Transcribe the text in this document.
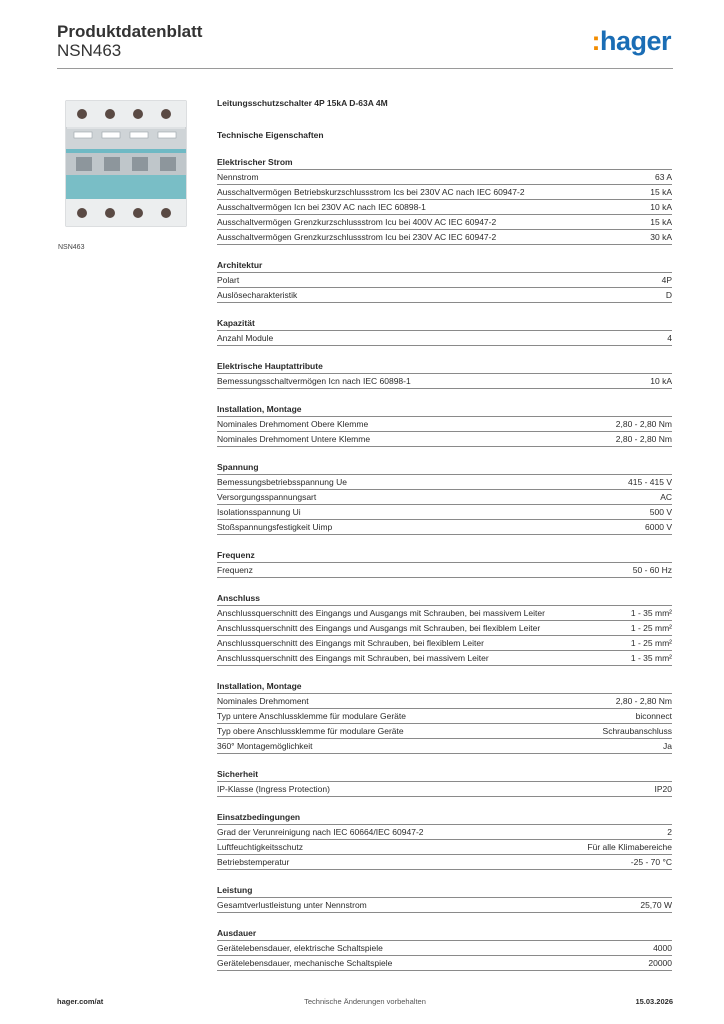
Produktdatenblatt
NSN463	:hager
NSN463
Leitungsschutzschalter 4P 15kA D-63A 4M
Technische Eigenschaften
Elektrischer Strom
Nennstrom	63 A
Ausschaltvermögen Betriebskurzschlussstrom Ics bei 230V AC nach IEC 60947-2	15 kA
Ausschaltvermögen Icn bei 230V AC nach IEC 60898-1	10 kA
Ausschaltvermögen Grenzkurzschlussstrom Icu bei 400V AC IEC 60947-2	15 kA
Ausschaltvermögen Grenzkurzschlussstrom Icu bei 230V AC IEC 60947-2	30 kA
Architektur
Polart	4P
Auslösecharakteristik	D
Kapazität
Anzahl Module	4
Elektrische Hauptattribute
Bemessungsschaltvermögen Icn nach IEC 60898-1	10 kA
Installation, Montage
Nominales Drehmoment Obere Klemme	2,80 - 2,80 Nm
Nominales Drehmoment Untere Klemme	2,80 - 2,80 Nm
Spannung
Bemessungsbetriebsspannung Ue	415 - 415 V
Versorgungsspannungsart	AC
Isolationsspannung Ui	500 V
Stoßspannungsfestigkeit Uimp	6000 V
Frequenz
Frequenz	50 - 60 Hz
Anschluss
Anschlussquerschnitt des Eingangs und Ausgangs mit Schrauben, bei massivem Leiter	1 - 35 mm²
Anschlussquerschnitt des Eingangs und Ausgangs mit Schrauben, bei flexiblem Leiter	1 - 25 mm²
Anschlussquerschnitt des Eingangs mit Schrauben, bei flexiblem Leiter	1 - 25 mm²
Anschlussquerschnitt des Eingangs mit Schrauben, bei massivem Leiter	1 - 35 mm²
Installation, Montage
Nominales Drehmoment	2,80 - 2,80 Nm
Typ untere Anschlussklemme für modulare Geräte	biconnect
Typ obere Anschlussklemme für modulare Geräte	Schraubanschluss
360° Montagemöglichkeit	Ja
Sicherheit
IP-Klasse (Ingress Protection)	IP20
Einsatzbedingungen
Grad der Verunreinigung nach IEC 60664/IEC 60947-2	2
Luftfeuchtigkeitsschutz	Für alle Klimabereiche
Betriebstemperatur	-25 - 70 °C
Leistung
Gesamtverlustleistung unter Nennstrom	25,70 W
Ausdauer
Gerätelebensdauer, elektrische Schaltspiele	4000
Gerätelebensdauer, mechanische Schaltspiele	20000
hager.com/at	Technische Änderungen vorbehalten	15.03.2026
